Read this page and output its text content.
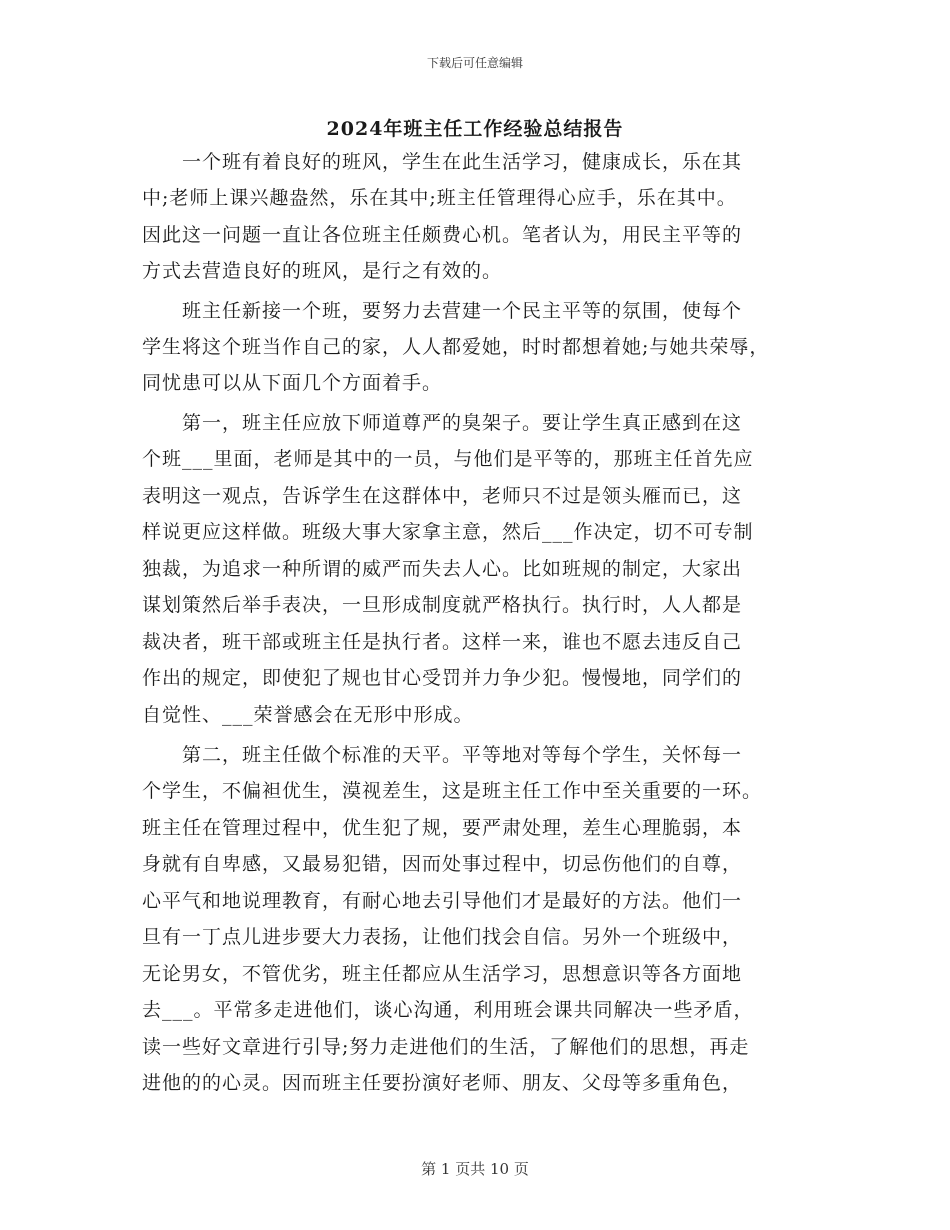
下载后可任意编辑
2024年班主任工作经验总结报告
　　一个班有着良好的班风，学生在此生活学习，健康成长，乐在其
中;老师上课兴趣盎然，乐在其中;班主任管理得心应手，乐在其中。
因此这一问题一直让各位班主任颇费心机。笔者认为，用民主平等的
方式去营造良好的班风，是行之有效的。
　　班主任新接一个班，要努力去营建一个民主平等的氛围，使每个
学生将这个班当作自己的家，人人都爱她，时时都想着她;与她共荣辱，
同忧患可以从下面几个方面着手。
　　第一，班主任应放下师道尊严的臭架子。要让学生真正感到在这
个班___里面，老师是其中的一员，与他们是平等的，那班主任首先应
表明这一观点，告诉学生在这群体中，老师只不过是领头雁而已，这
样说更应这样做。班级大事大家拿主意，然后___作决定，切不可专制
独裁，为追求一种所谓的威严而失去人心。比如班规的制定，大家出
谋划策然后举手表决，一旦形成制度就严格执行。执行时，人人都是
裁决者，班干部或班主任是执行者。这样一来，谁也不愿去违反自己
作出的规定，即使犯了规也甘心受罚并力争少犯。慢慢地，同学们的
自觉性、___荣誉感会在无形中形成。
　　第二，班主任做个标准的天平。平等地对等每个学生，关怀每一
个学生，不偏袒优生，漠视差生，这是班主任工作中至关重要的一环。
班主任在管理过程中，优生犯了规，要严肃处理，差生心理脆弱，本
身就有自卑感，又最易犯错，因而处事过程中，切忌伤他们的自尊，
心平气和地说理教育，有耐心地去引导他们才是最好的方法。他们一
旦有一丁点儿进步要大力表扬，让他们找会自信。另外一个班级中，
无论男女，不管优劣，班主任都应从生活学习，思想意识等各方面地
去___。平常多走进他们，谈心沟通，利用班会课共同解决一些矛盾，
读一些好文章进行引导;努力走进他们的生活，了解他们的思想，再走
进他的的心灵。因而班主任要扮演好老师、朋友、父母等多重角色，
第 1 页共 10 页
